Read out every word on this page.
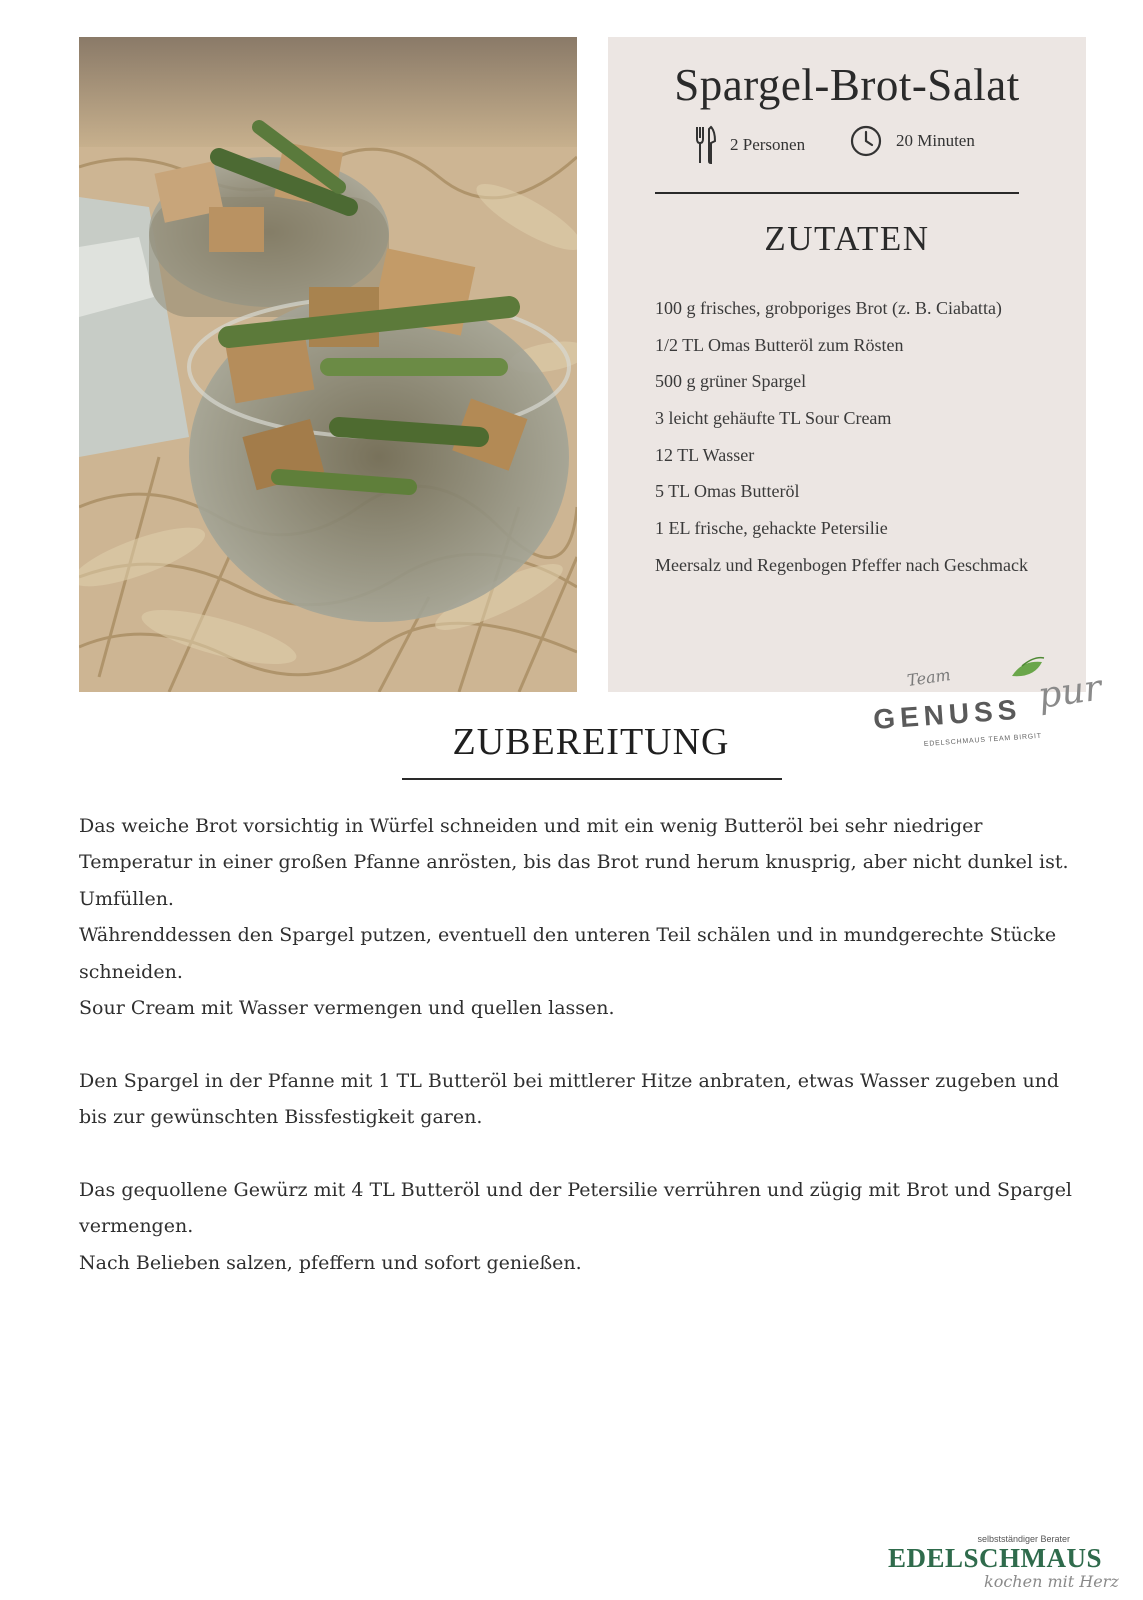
Spargel-Brot-Salat
2 Personen	20 Minuten
ZUTATEN
100 g frisches, grobporiges Brot (z. B. Ciabatta)
1/2 TL Omas Butteröl zum Rösten
500 g grüner Spargel
3 leicht gehäufte TL Sour Cream
12 TL Wasser
5 TL Omas Butteröl
1 EL frische, gehackte Petersilie
Meersalz und Regenbogen Pfeffer nach Geschmack
Team
GENUSS pur
EDELSCHMAUS TEAM BIRGIT
ZUBEREITUNG

Das weiche Brot vorsichtig in Würfel schneiden und mit ein wenig Butteröl bei sehr niedriger Temperatur in einer großen Pfanne anrösten, bis das Brot rund herum knusprig, aber nicht dunkel ist. Umfüllen.

Währenddessen den Spargel putzen, eventuell den unteren Teil schälen und in mundgerechte Stücke schneiden.

Sour Cream mit Wasser vermengen und quellen lassen.

Den Spargel in der Pfanne mit 1 TL Butteröl bei mittlerer Hitze anbraten, etwas Wasser zugeben und bis zur gewünschten Bissfestigkeit garen.

Das gequollene Gewürz mit 4 TL Butteröl und der Petersilie verrühren und zügig mit Brot und Spargel vermengen.

Nach Belieben salzen, pfeffern und sofort genießen.

selbstständiger Berater
EDELSCHMAUS
kochen mit Herz
